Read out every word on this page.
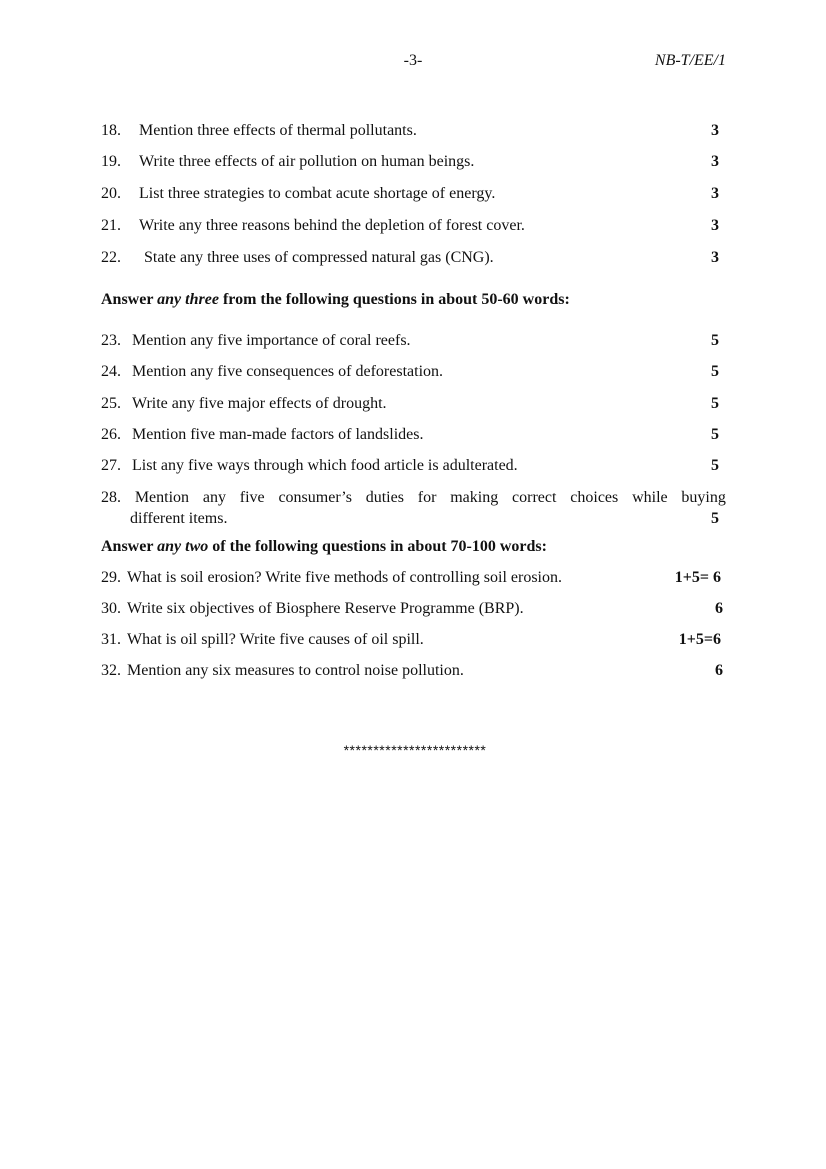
-3-	NB-T/EE/1
18. Mention three effects of thermal pollutants.	3
19. Write three effects of air pollution on human beings.	3
20. List three strategies to combat acute shortage of energy.	3
21. Write any three reasons behind the depletion of forest cover.	3
22. State any three uses of compressed natural gas (CNG).	3
Answer any three from the following questions in about 50-60 words:
23. Mention any five importance of coral reefs.	5
24. Mention any five consequences of deforestation.	5
25. Write any five major effects of drought.	5
26. Mention five man-made factors of landslides.	5
27. List any five ways through which food article is adulterated.	5
28. Mention any five consumer’s duties for making correct choices while buying
different items.	5
Answer any two of the following questions in about 70-100 words:
29. What is soil erosion? Write five methods of controlling soil erosion.	1+5= 6
30. Write six objectives of Biosphere Reserve Programme (BRP).	6
31. What is oil spill? Write five causes of oil spill.	1+5=6
32. Mention any six measures to control noise pollution.	6
************************
